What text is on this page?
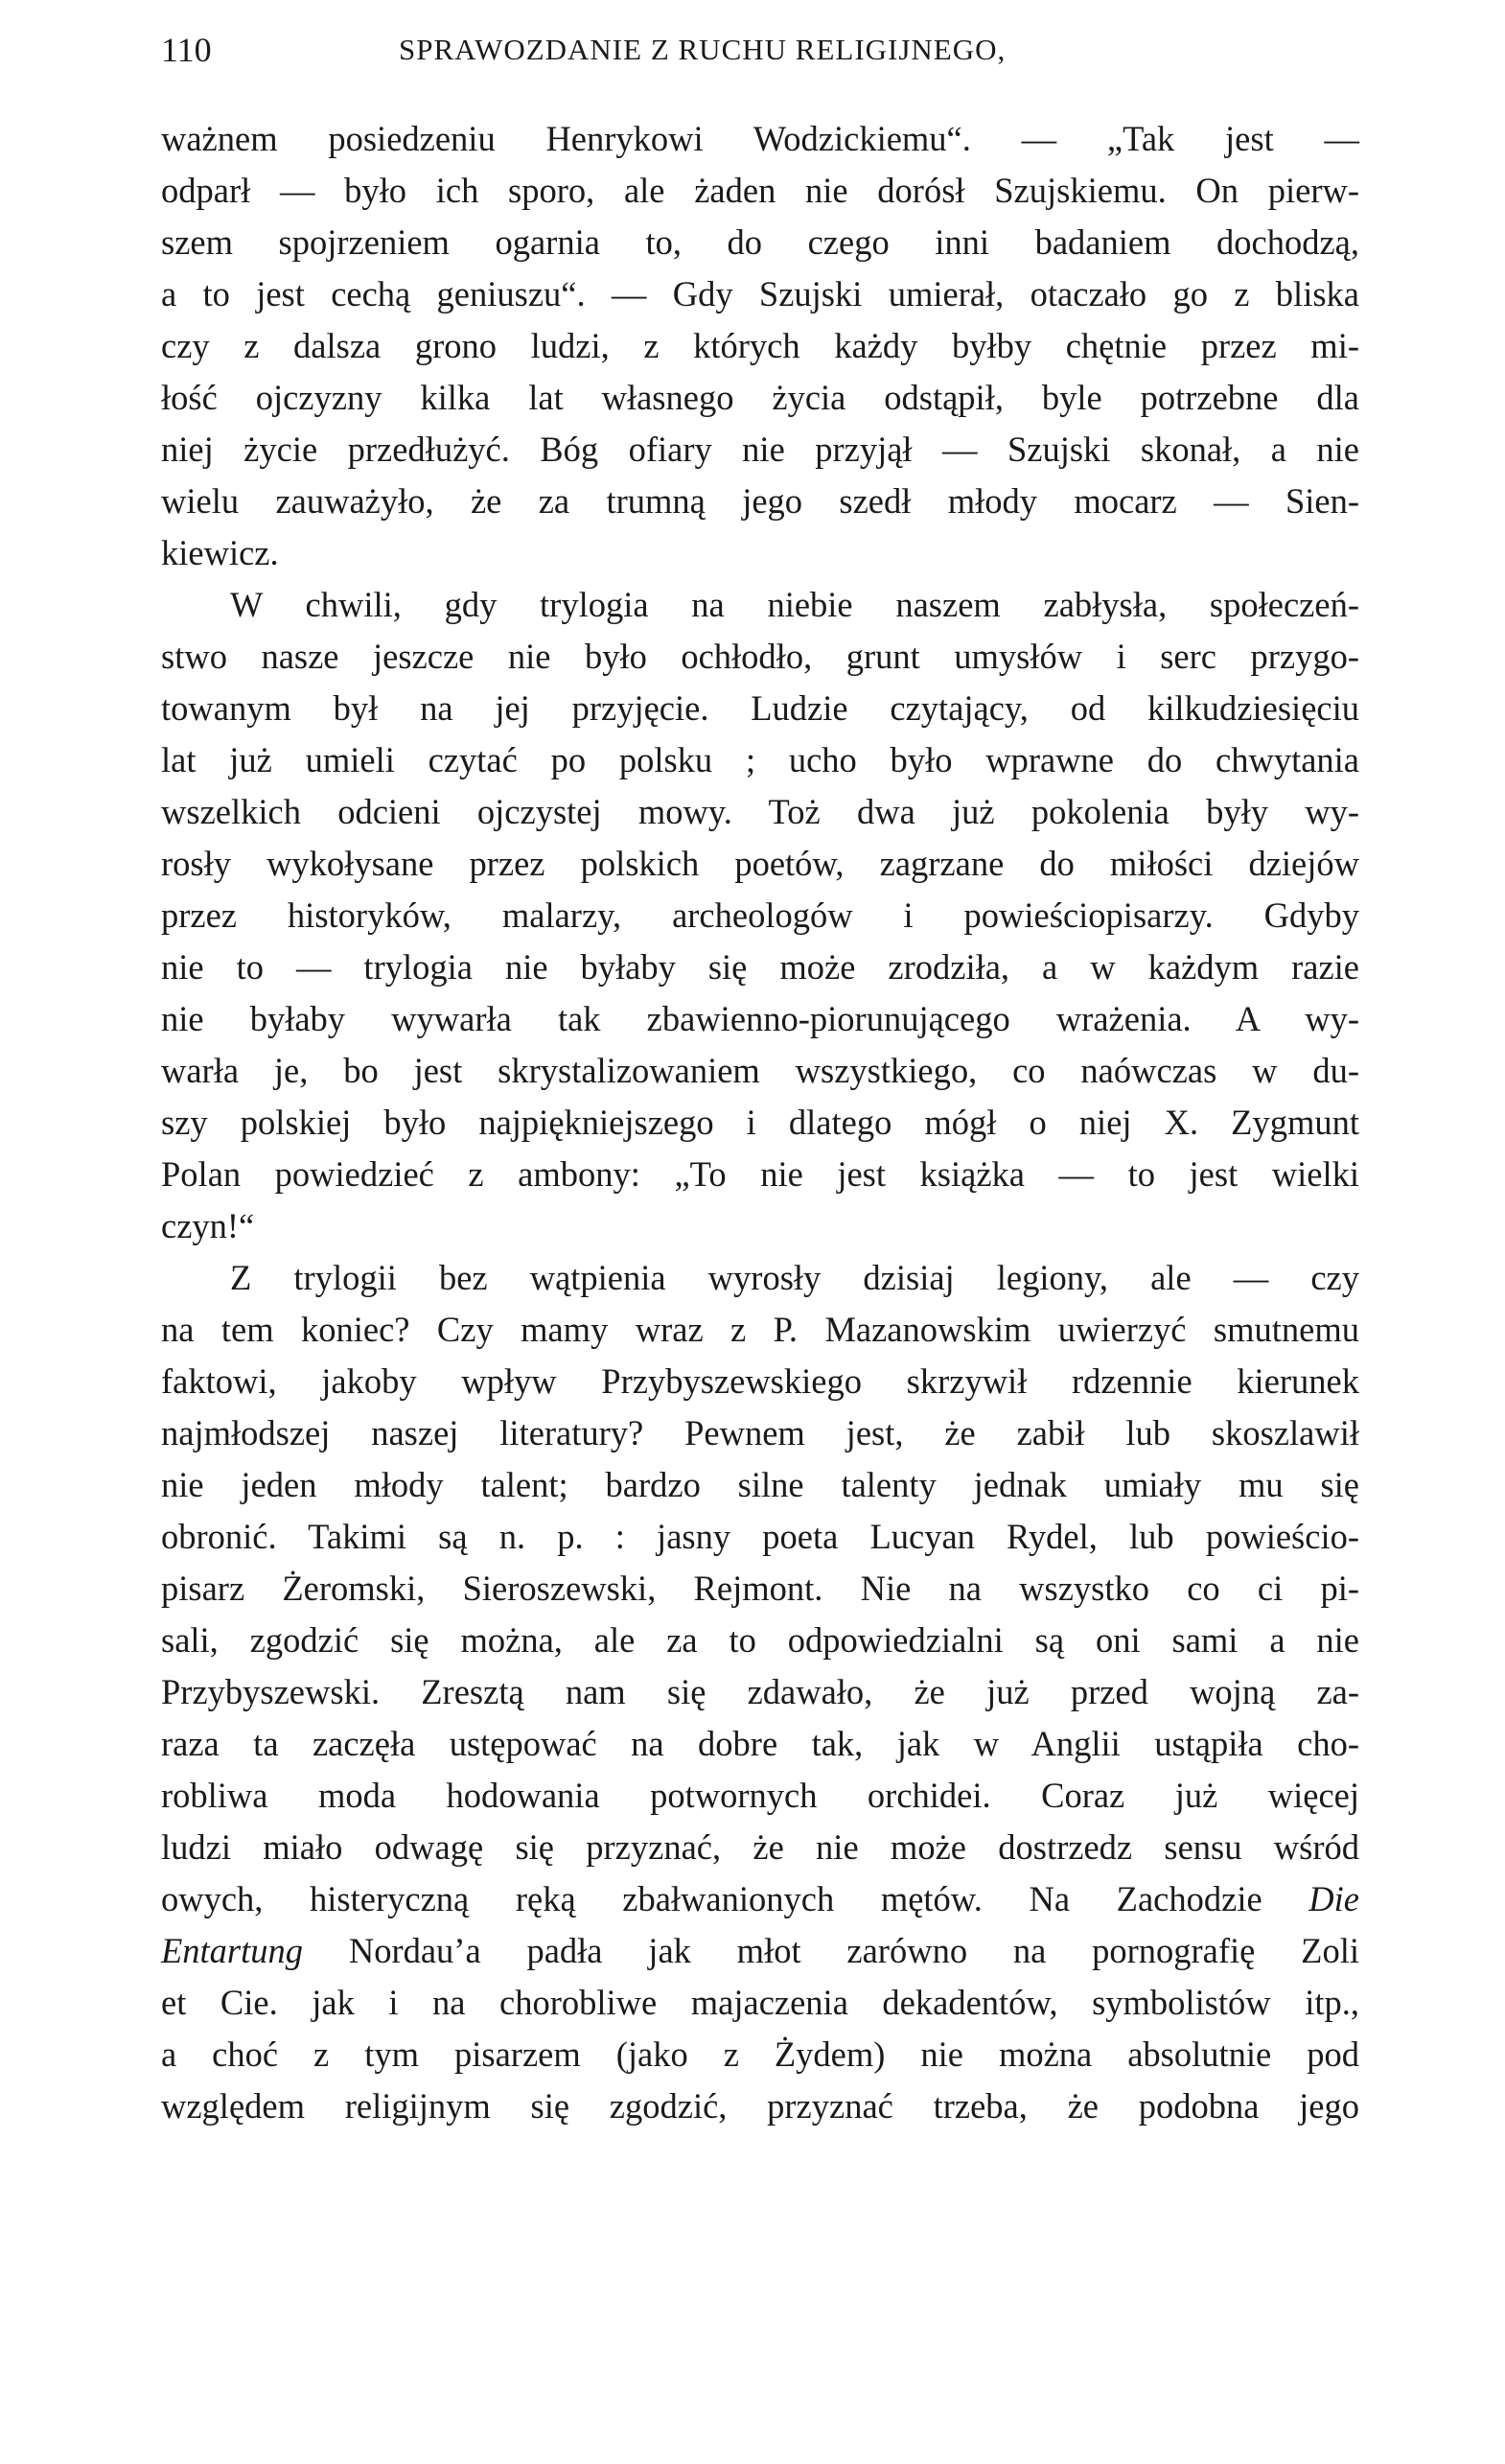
110	SPRAWOZDANIE Z RUCHU RELIGIJNEGO,
ważnem posiedzeniu Henrykowi Wodzickiemu“. — „Tak jest —
odparł — było ich sporo, ale żaden nie dorósł Szujskiemu. On pierw-
szem spojrzeniem ogarnia to, do czego inni badaniem dochodzą,
a to jest cechą geniuszu“. — Gdy Szujski umierał, otaczało go z bliska
czy z dalsza grono ludzi, z których każdy byłby chętnie przez mi-
łość ojczyzny kilka lat własnego życia odstąpił, byle potrzebne dla
niej życie przedłużyć. Bóg ofiary nie przyjął — Szujski skonał, a nie
wielu zauważyło, że za trumną jego szedł młody mocarz — Sien-
kiewicz.
W chwili, gdy trylogia na niebie naszem zabłysła, społeczeń-
stwo nasze jeszcze nie było ochłodło, grunt umysłów i serc przygo-
towanym był na jej przyjęcie. Ludzie czytający, od kilkudziesięciu
lat już umieli czytać po polsku ; ucho było wprawne do chwytania
wszelkich odcieni ojczystej mowy. Toż dwa już pokolenia były wy-
rosły wykołysane przez polskich poetów, zagrzane do miłości dziejów
przez historyków, malarzy, archeologów i powieściopisarzy. Gdyby
nie to — trylogia nie byłaby się może zrodziła, a w każdym razie
nie byłaby wywarła tak zbawienno-piorunującego wrażenia. A wy-
warła je, bo jest skrystalizowaniem wszystkiego, co naówczas w du-
szy polskiej było najpiękniejszego i dlatego mógł o niej X. Zygmunt
Polan powiedzieć z ambony: „To nie jest książka — to jest wielki
czyn!“
Z trylogii bez wątpienia wyrosły dzisiaj legiony, ale — czy
na tem koniec? Czy mamy wraz z P. Mazanowskim uwierzyć smutnemu
faktowi, jakoby wpływ Przybyszewskiego skrzywił rdzennie kierunek
najmłodszej naszej literatury? Pewnem jest, że zabił lub skoszlawił
nie jeden młody talent; bardzo silne talenty jednak umiały mu się
obronić. Takimi są n. p. : jasny poeta Lucyan Rydel, lub powieścio-
pisarz Żeromski, Sieroszewski, Rejmont. Nie na wszystko co ci pi-
sali, zgodzić się można, ale za to odpowiedzialni są oni sami a nie
Przybyszewski. Zresztą nam się zdawało, że już przed wojną za-
raza ta zaczęła ustępować na dobre tak, jak w Anglii ustąpiła cho-
robliwa moda hodowania potwornych orchidei. Coraz już więcej
ludzi miało odwagę się przyznać, że nie może dostrzedz sensu wśród
owych, histeryczną ręką zbałwanionych mętów. Na Zachodzie Die
Entartung Nordau’a padła jak młot zarówno na pornografię Zoli
et Cie. jak i na chorobliwe majaczenia dekadentów, symbolistów itp.,
a choć z tym pisarzem (jako z Żydem) nie można absolutnie pod
względem religijnym się zgodzić, przyznać trzeba, że podobna jego
